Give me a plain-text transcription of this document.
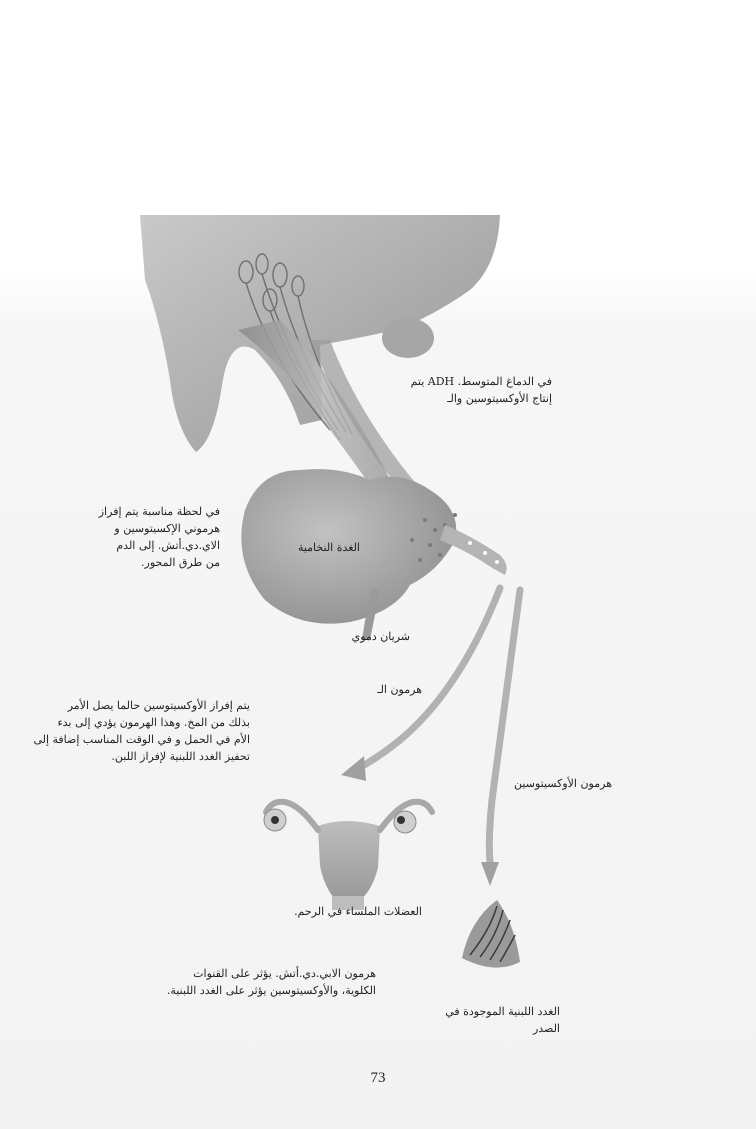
في الدماغ المتوسط. ADH يتم
إنتاج الأوكسيتوسين والـ
في لحظة مناسبة يتم إفراز
هرموني الإكسيتوسين و
الاي.دي.أتش. إلى الدم
من طرق المحور.
الغدة النخامية
شريان دموي
هرمون الـ
يتم إفراز الأوكسيتوسين حالما يصل الأمر
بذلك من المخ. وهذا الهرمون يؤدي إلى بدء
الأم في الحمل و في الوقت المناسب إضافة إلى
تحفيز الغدد اللبنية لإفراز اللبن.
هرمون الأوكسيتوسين
العضلات الملساء في الرحم.
هرمون الابي.دي.أتش. يؤثر على القنوات
الكلوية، والأوكسيتوسين يؤثر على الغدد اللبنية.
الغدد اللبنية الموجودة في
الصدر
73
